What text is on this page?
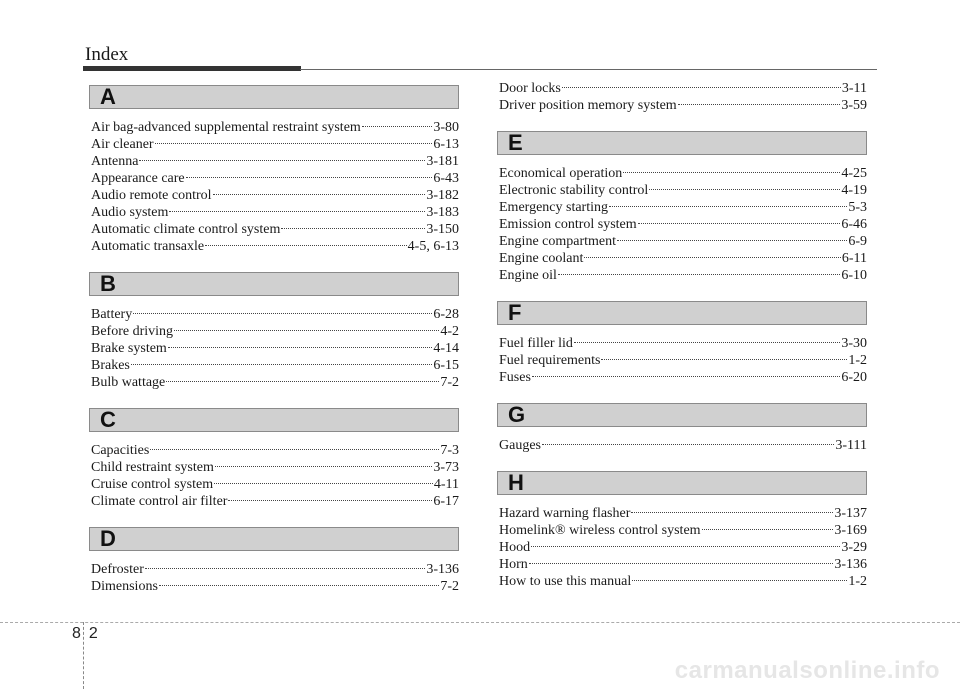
Index
A
Air bag-advanced supplemental restraint system	3-80
Air cleaner	6-13
Antenna	3-181
Appearance care	6-43
Audio remote control	3-182
Audio system	3-183
Automatic climate control system	3-150
Automatic transaxle	4-5, 6-13
B
Battery	6-28
Before driving	4-2
Brake system	4-14
Brakes	6-15
Bulb wattage	7-2
C
Capacities	7-3
Child restraint system	3-73
Cruise control system	4-11
Climate control air filter	6-17
D
Defroster	3-136
Dimensions	7-2
Door locks	3-11
Driver position memory system	3-59
E
Economical operation	4-25
Electronic stability control	4-19
Emergency starting	5-3
Emission control system	6-46
Engine compartment	6-9
Engine coolant	6-11
Engine oil	6-10
F
Fuel filler lid	3-30
Fuel requirements	1-2
Fuses	6-20
G
Gauges	3-111
H
Hazard warning flasher	3-137
Homelink® wireless control system	3-169
Hood	3-29
Horn	3-136
How to use this manual	1-2
8 2
carmanualsonline.info
